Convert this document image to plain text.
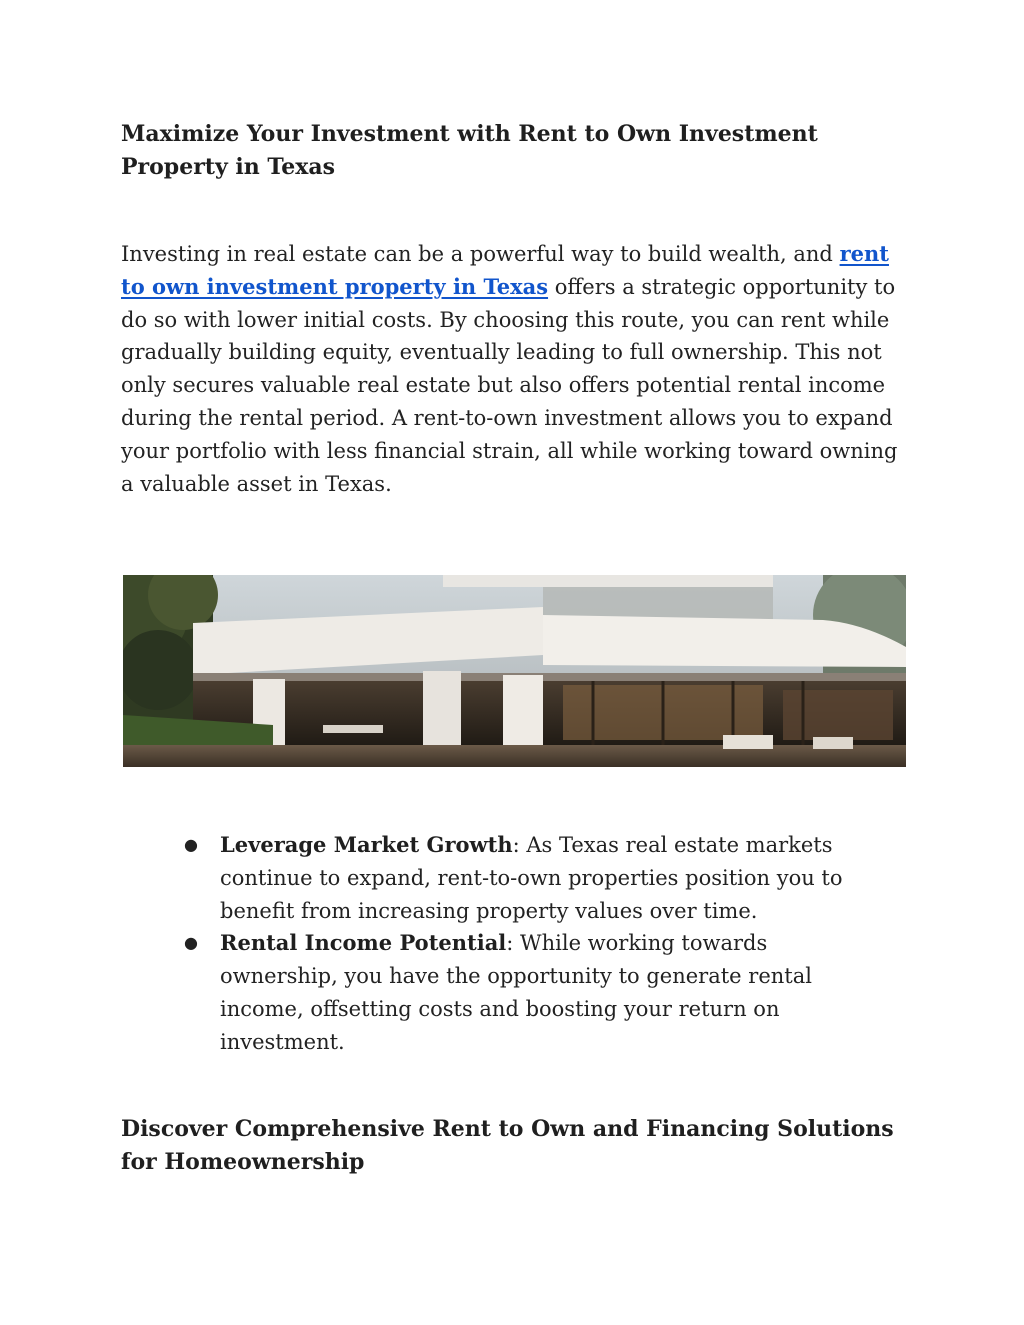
Maximize Your Investment with Rent to Own Investment Property in Texas

Investing in real estate can be a powerful way to build wealth, and rent to own investment property in Texas offers a strategic opportunity to do so with lower initial costs. By choosing this route, you can rent while gradually building equity, eventually leading to full ownership. This not only secures valuable real estate but also offers potential rental income during the rental period. A rent-to-own investment allows you to expand your portfolio with less financial strain, all while working toward owning a valuable asset in Texas.

● Leverage Market Growth: As Texas real estate markets continue to expand, rent-to-own properties position you to benefit from increasing property values over time.
● Rental Income Potential: While working towards ownership, you have the opportunity to generate rental income, offsetting costs and boosting your return on investment.
Discover Comprehensive Rent to Own and Financing Solutions for Homeownership
